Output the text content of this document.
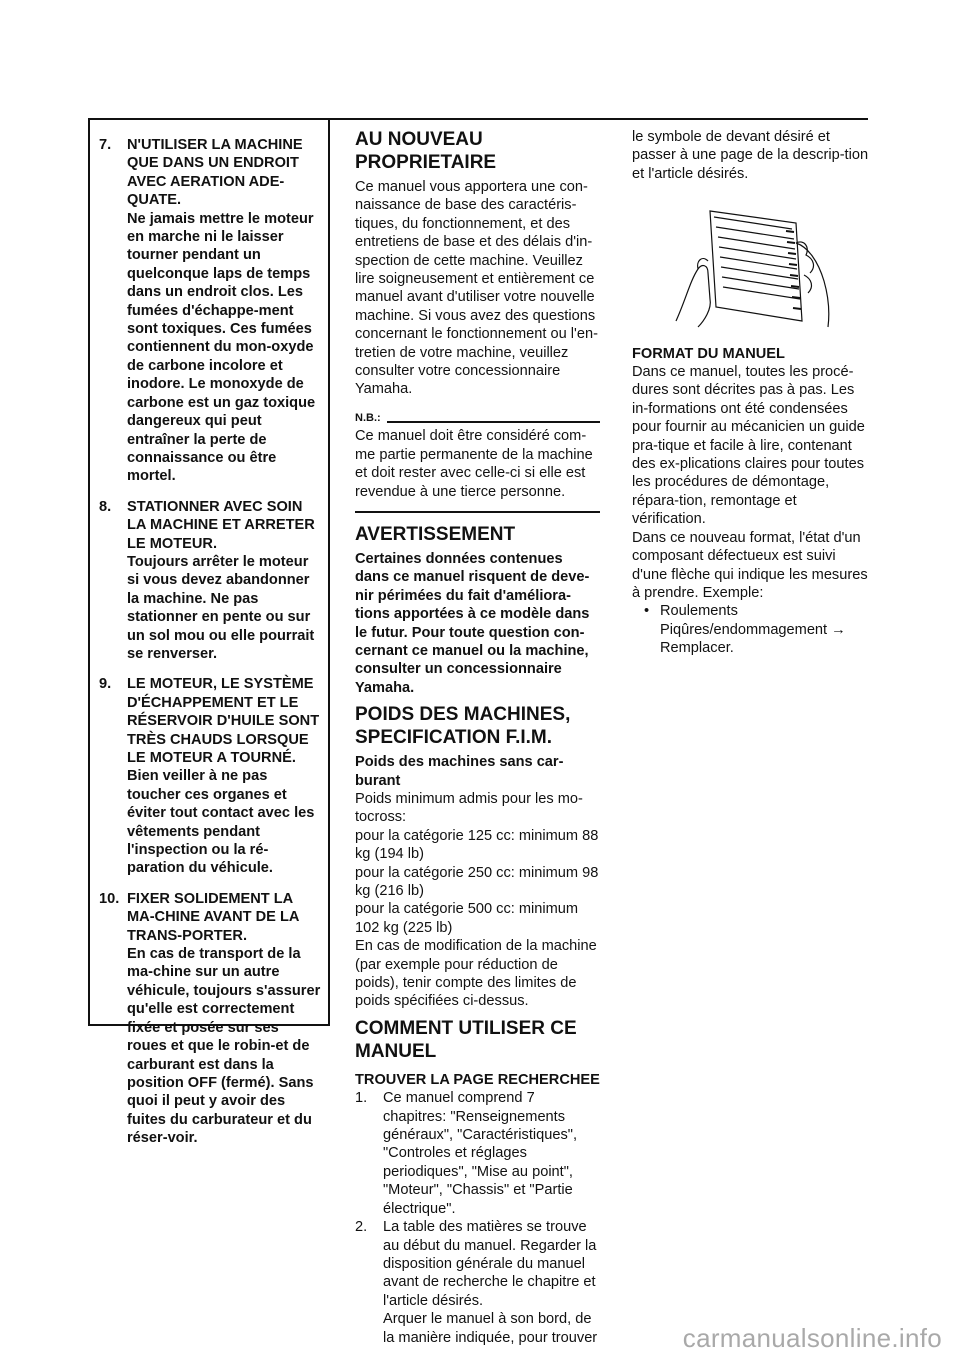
7.	N'UTILISER LA MACHINE QUE DANS UN ENDROIT AVEC AERATION ADE-QUATE.
Ne jamais mettre le moteur en marche ni le laisser tourner pendant un quelconque laps de temps dans un endroit clos. Les fumées d'échappe-ment sont toxiques. Ces fumées contiennent du mon-oxyde de carbone incolore et inodore. Le monoxyde de carbone est un gaz toxique dangereux qui peut entraîner la perte de connaissance ou être mortel.
8.	STATIONNER AVEC SOIN LA MACHINE ET ARRETER LE MOTEUR.
Toujours arrêter le moteur si vous devez abandonner la machine. Ne pas stationner en pente ou sur un sol mou ou elle pourrait se renverser.
9.	LE MOTEUR, LE SYSTÈME D'ÉCHAPPEMENT ET LE RÉSERVOIR D'HUILE SONT TRÈS CHAUDS LORSQUE LE MOTEUR A TOURNÉ.
Bien veiller à ne pas toucher ces organes et éviter tout contact avec les vêtements pendant l'inspection ou la ré-paration du véhicule.
10. FIXER SOLIDEMENT LA MA-CHINE AVANT DE LA TRANS-PORTER.
En cas de transport de la ma-chine sur un autre véhicule, toujours s'assurer qu'elle est correctement fixée et posée sur ses roues et que le robin-et de carburant est dans la position OFF (fermé). Sans quoi il peut y avoir des fuites du carburateur et du réser-voir.
AU NOUVEAU PROPRIETAIRE

Ce manuel vous apportera une con-naissance de base des caractéris-tiques, du fonctionnement, et des entretiens de base et des délais d'in-spection de cette machine. Veuillez lire soigneusement et entièrement ce manuel avant d'utiliser votre nouvelle machine. Si vous avez des questions concernant le fonctionnement ou l'en-tretien de votre machine, veuillez consulter votre concessionnaire Yamaha.

N.B.:

Ce manuel doit être considéré com-me partie permanente de la machine et doit rester avec celle-ci si elle est revendue à une tierce personne.

AVERTISSEMENT

Certaines données contenues dans ce manuel risquent de deve-nir périmées du fait d'améliora-tions apportées à ce modèle dans le futur. Pour toute question con-cernant ce manuel ou la machine, consulter un concessionnaire Yamaha.

POIDS DES MACHINES, SPECIFICATION F.I.M.

Poids des machines sans car-burant

Poids minimum admis pour les mo-tocross:

pour la catégorie 125 cc: minimum 88 kg (194 lb)

pour la catégorie 250 cc: minimum 98 kg (216 lb)

pour la catégorie 500 cc: minimum 102 kg (225 lb)

En cas de modification de la machine (par exemple pour réduction de poids), tenir compte des limites de poids spécifiées ci-dessus.

COMMENT UTILISER CE MANUEL

TROUVER LA PAGE RECHERCHEE

1.	Ce manuel comprend 7 chapitres: "Renseignements généraux", "Caractéristiques", "Controles et réglages periodiques", "Mise au point", "Moteur", "Chassis" et "Partie électrique".
2.	La table des matières se trouve au début du manuel. Regarder la disposition générale du manuel avant de recherche le chapitre et l'article désirés.
Arquer le manuel à son bord, de la manière indiquée, pour trouver

le symbole de devant désiré et passer à une page de la descrip-tion et l'article désirés.

FORMAT DU MANUEL

Dans ce manuel, toutes les procé-dures sont décrites pas à pas. Les in-formations ont été condensées pour fournir au mécanicien un guide pra-tique et facile à lire, contenant des ex-plications claires pour toutes les procédures de démontage, répara-tion, remontage et vérification.

Dans ce nouveau format, l'état d'un composant défectueux est suivi d'une flèche qui indique les mesures à prendre. Exemple:

• Roulements
Piqûres/endommagement →
Remplacer.
carmanualsonline.info
